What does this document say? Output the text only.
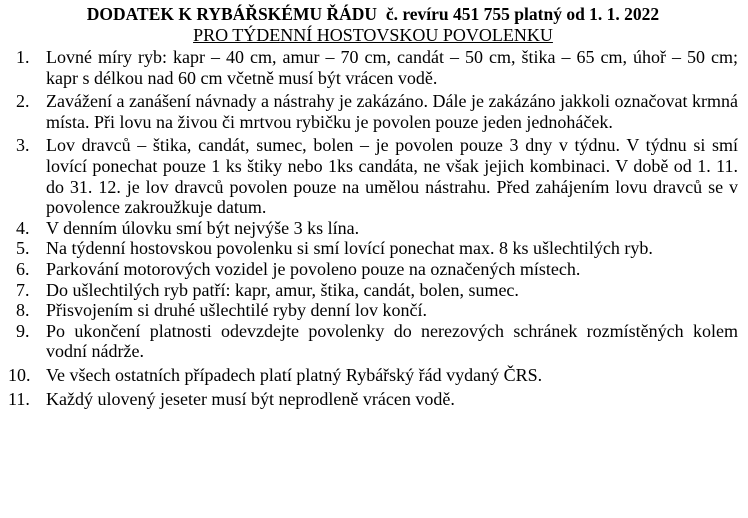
DODATEK K RYBÁŘSKÉMU ŘÁDU č. revíru 451 755 platný od 1. 1. 2022

PRO TÝDENNÍ HOSTOVSKOU POVOLENKU

1. Lovné míry ryb: kapr – 40 cm, amur – 70 cm, candát – 50 cm, štika – 65 cm, úhoř – 50 cm; kapr s délkou nad 60 cm včetně musí být vrácen vodě.
2. Zavážení a zanášení návnady a nástrahy je zakázáno. Dále je zakázáno jakkoli označovat krmná místa. Při lovu na živou či mrtvou rybičku je povolen pouze jeden jednoháček.
3. Lov dravců – štika, candát, sumec, bolen – je povolen pouze 3 dny v týdnu. V týdnu si smí lovící ponechat pouze 1 ks štiky nebo 1ks candáta, ne však jejich kombinaci. V době od 1. 11. do 31. 12. je lov dravců povolen pouze na umělou nástrahu. Před zahájením lovu dravců se v povolence zakroužkuje datum.
4. V denním úlovku smí být nejvýše 3 ks lína.
5. Na týdenní hostovskou povolenku si smí lovící ponechat max. 8 ks ušlechtilých ryb.
6. Parkování motorových vozidel je povoleno pouze na označených místech.
7. Do ušlechtilých ryb patří: kapr, amur, štika, candát, bolen, sumec.
8. Přisvojením si druhé ušlechtilé ryby denní lov končí.
9. Po ukončení platnosti odevzdejte povolenky do nerezových schránek rozmístěných kolem vodní nádrže.
10. Ve všech ostatních případech platí platný Rybářský řád vydaný ČRS.
11. Každý ulovený jeseter musí být neprodleně vrácen vodě.
